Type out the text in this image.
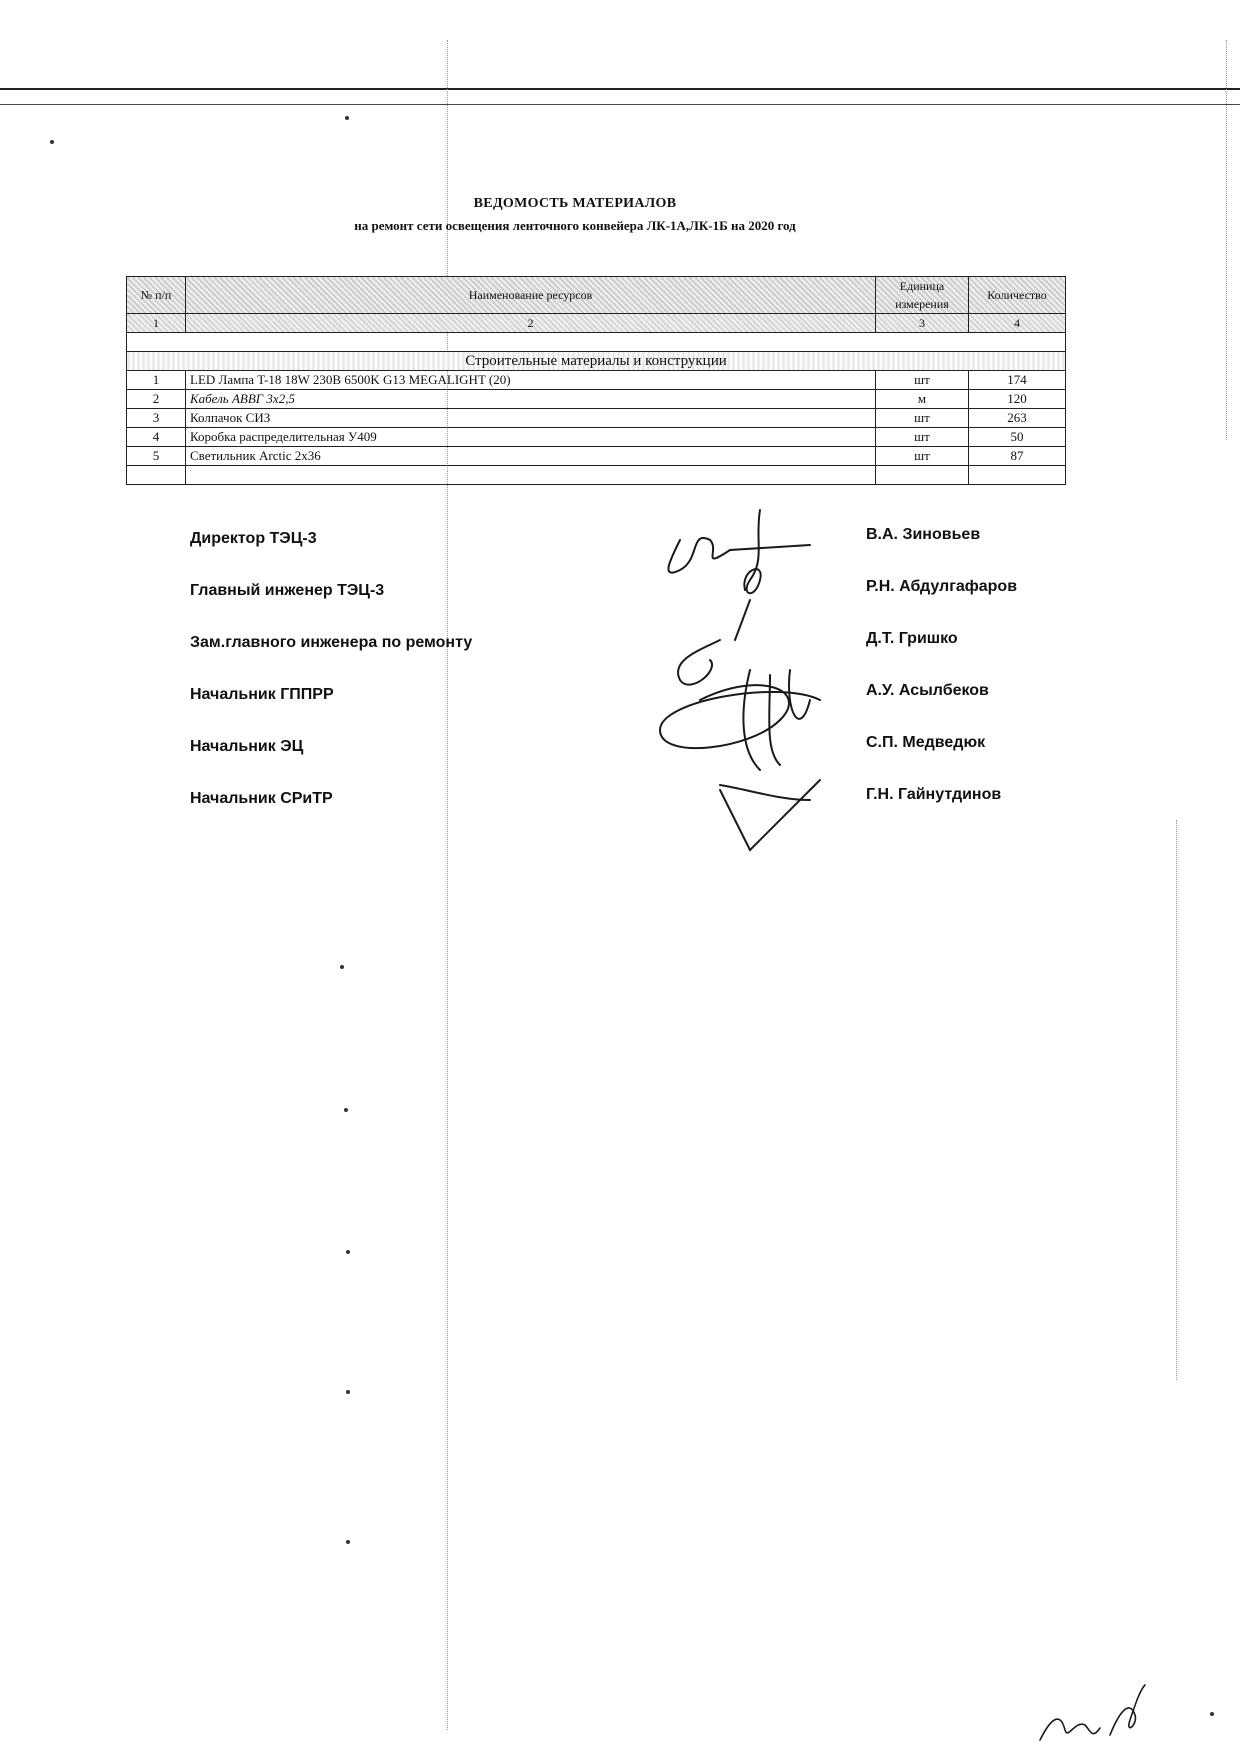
ВЕДОМОСТЬ МАТЕРИАЛОВ
на ремонт сети освещения ленточного конвейера ЛК-1А,ЛК-1Б на 2020 год
№ п/п	Наименование ресурсов	Единица измерения	Количество
1	2	3	4

Строительные материалы и конструкции			
1	LED Лампа T-18 18W 230В 6500K G13 MEGALIGHT (20)	шт	174
2	Кабель АВВГ 3х2,5	м	120
3	Колпачок СИЗ	шт	263
4	Коробка распределительная У409	шт	50
5	Светильник Arctic 2х36	шт	87

Директор ТЭЦ-3	В.А. Зиновьев
Главный инженер ТЭЦ-3	Р.Н. Абдулгафаров
Зам.главного инженера по ремонту	Д.Т. Гришко
Начальник ГППРР	А.У. Асылбеков
Начальник ЭЦ	С.П. Медведюк
Начальник СРиТР	Г.Н. Гайнутдинов
